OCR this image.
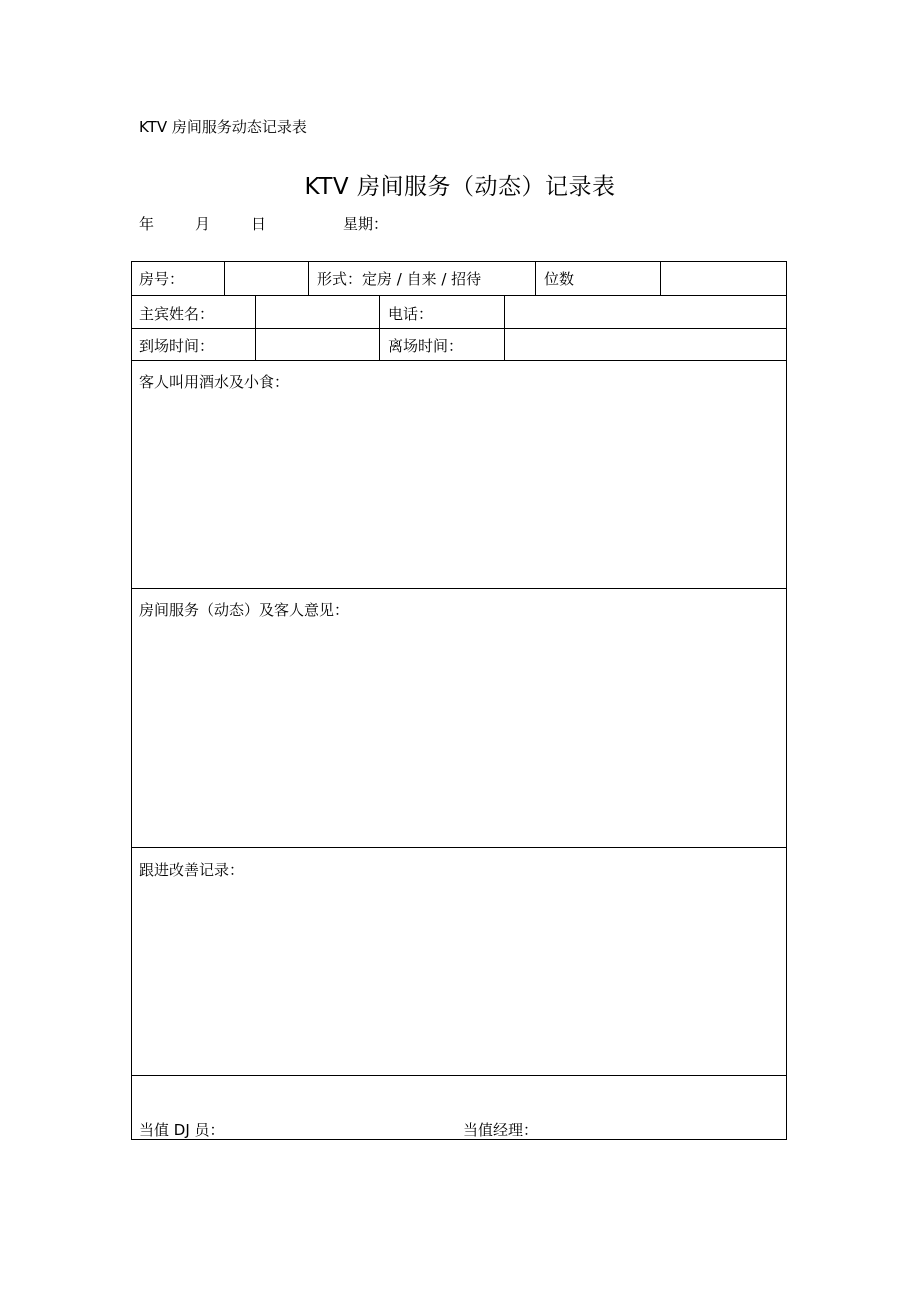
KTV 房间服务动态记录表
KTV 房间服务（动态）记录表
年	月	日	星期：
房号：	形式：定房 / 自来 / 招待	位数
主宾姓名：	电话：
到场时间：	离场时间：
客人叫用酒水及小食：
房间服务（动态）及客人意见：
跟进改善记录：
当值 DJ 员：	当值经理：
